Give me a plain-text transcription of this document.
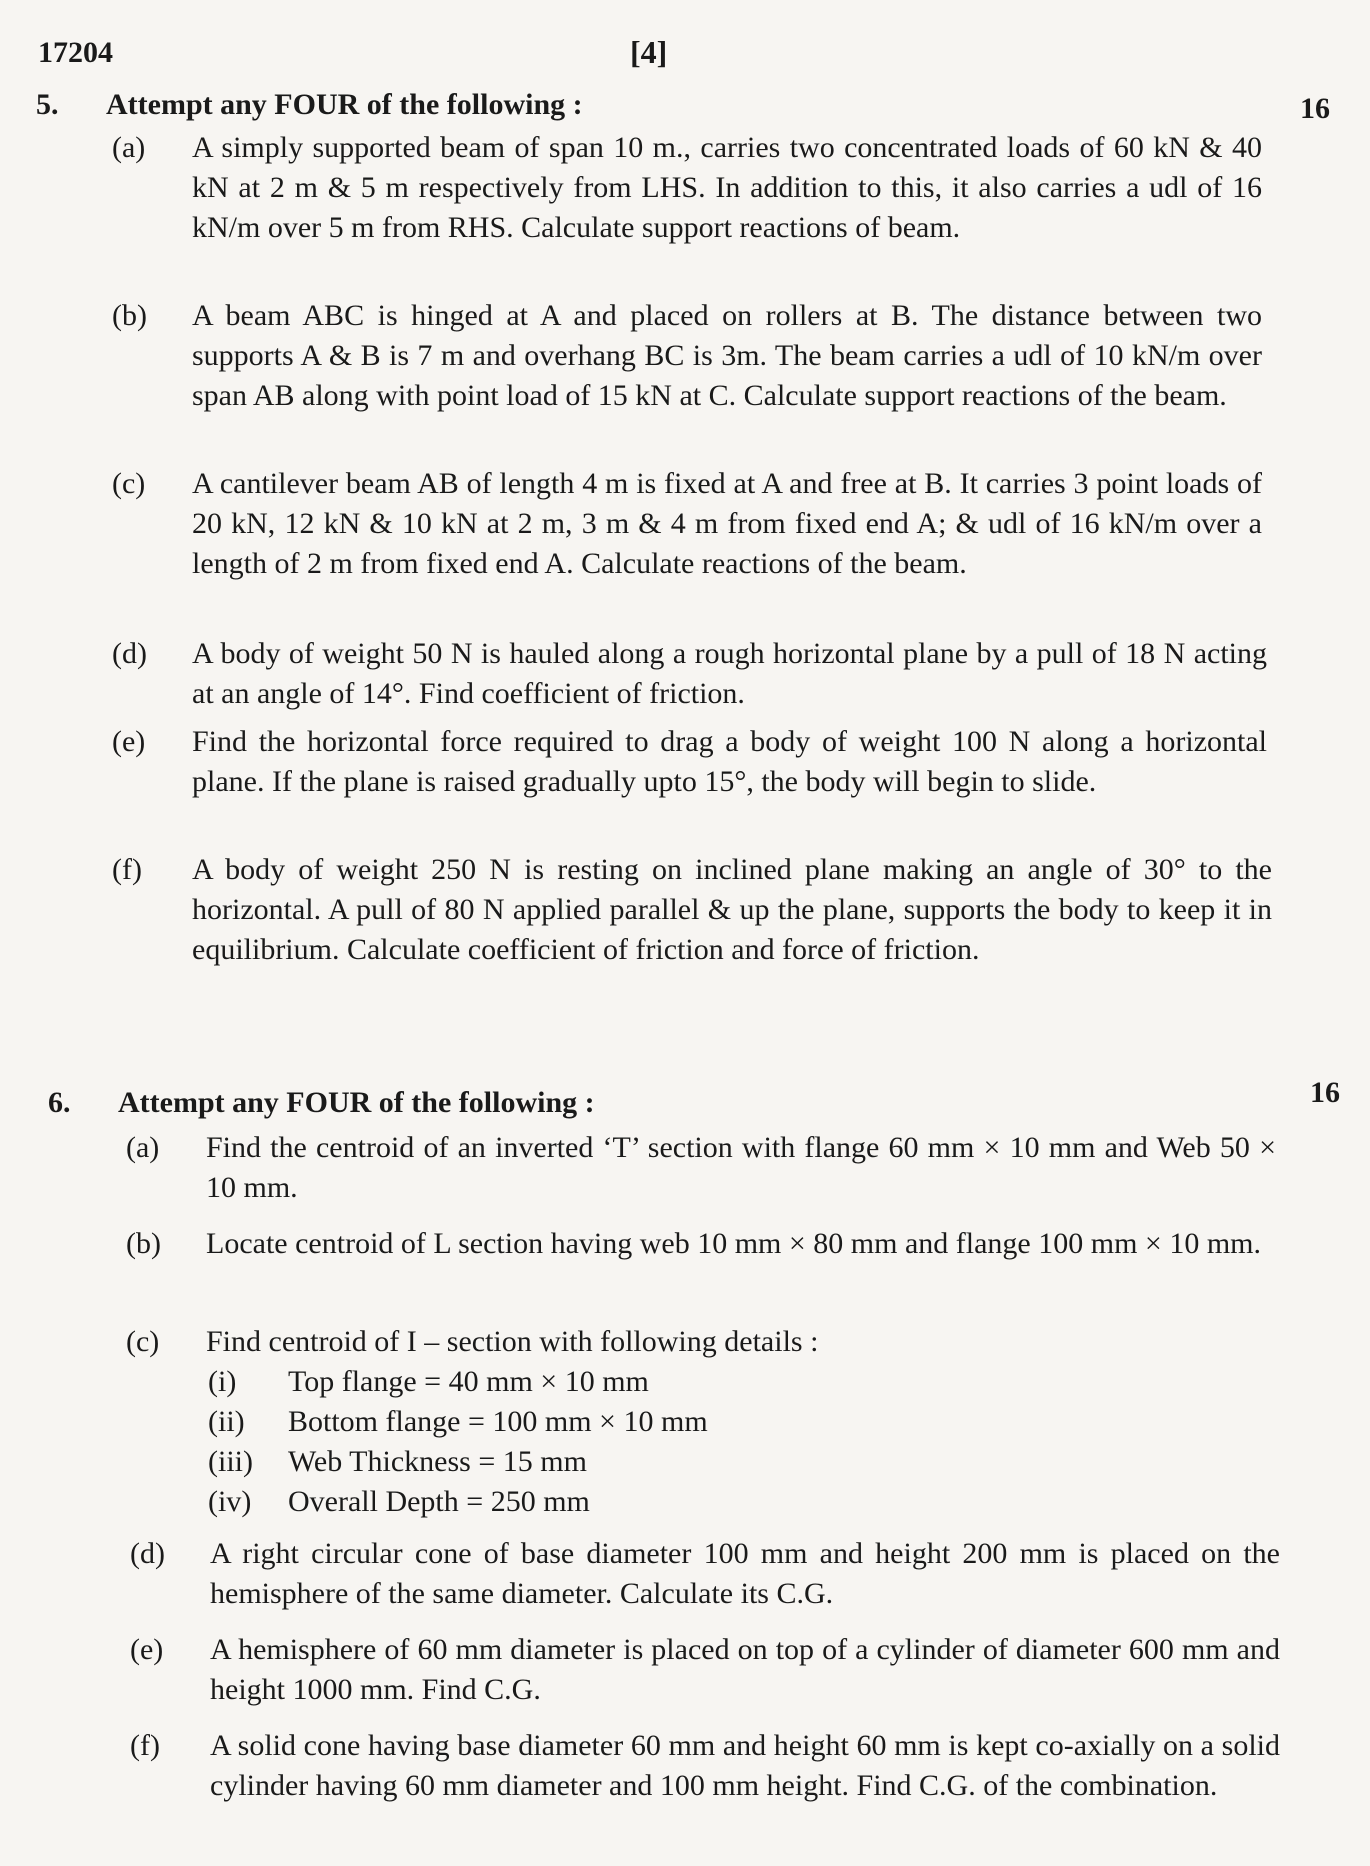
17204	[4]
5.	Attempt any FOUR of the following :	16
(a)	A simply supported beam of span 10 m., carries two concentrated loads of 60 kN & 40 kN at 2 m & 5 m respectively from LHS. In addition to this, it also carries a udl of 16 kN/m over 5 m from RHS. Calculate support reactions of beam.
(b)	A beam ABC is hinged at A and placed on rollers at B. The distance between two supports A & B is 7 m and overhang BC is 3m. The beam carries a udl of 10 kN/m over span AB along with point load of 15 kN at C. Calculate support reactions of the beam.
(c)	A cantilever beam AB of length 4 m is fixed at A and free at B. It carries 3 point loads of 20 kN, 12 kN & 10 kN at 2 m, 3 m & 4 m from fixed end A; & udl of 16 kN/m over a length of 2 m from fixed end A. Calculate reactions of the beam.
(d)	A body of weight 50 N is hauled along a rough horizontal plane by a pull of 18 N acting at an angle of 14°. Find coefficient of friction.
(e)	Find the horizontal force required to drag a body of weight 100 N along a horizontal plane. If the plane is raised gradually upto 15°, the body will begin to slide.
(f)	A body of weight 250 N is resting on inclined plane making an angle of 30° to the horizontal. A pull of 80 N applied parallel & up the plane, supports the body to keep it in equilibrium. Calculate coefficient of friction and force of friction.
6.	Attempt any FOUR of the following :	16
(a)	Find the centroid of an inverted ‘T’ section with flange 60 mm × 10 mm and Web 50 × 10 mm.
(b)	Locate centroid of L section having web 10 mm × 80 mm and flange 100 mm × 10 mm.
(c)	Find centroid of I – section with following details :
(i)	Top flange = 40 mm × 10 mm
(ii)	Bottom flange = 100 mm × 10 mm
(iii)	Web Thickness = 15 mm
(iv)	Overall Depth = 250 mm
(d)	A right circular cone of base diameter 100 mm and height 200 mm is placed on the hemisphere of the same diameter. Calculate its C.G.
(e)	A hemisphere of 60 mm diameter is placed on top of a cylinder of diameter 600 mm and height 1000 mm. Find C.G.
(f)	A solid cone having base diameter 60 mm and height 60 mm is kept co-axially on a solid cylinder having 60 mm diameter and 100 mm height. Find C.G. of the combination.
